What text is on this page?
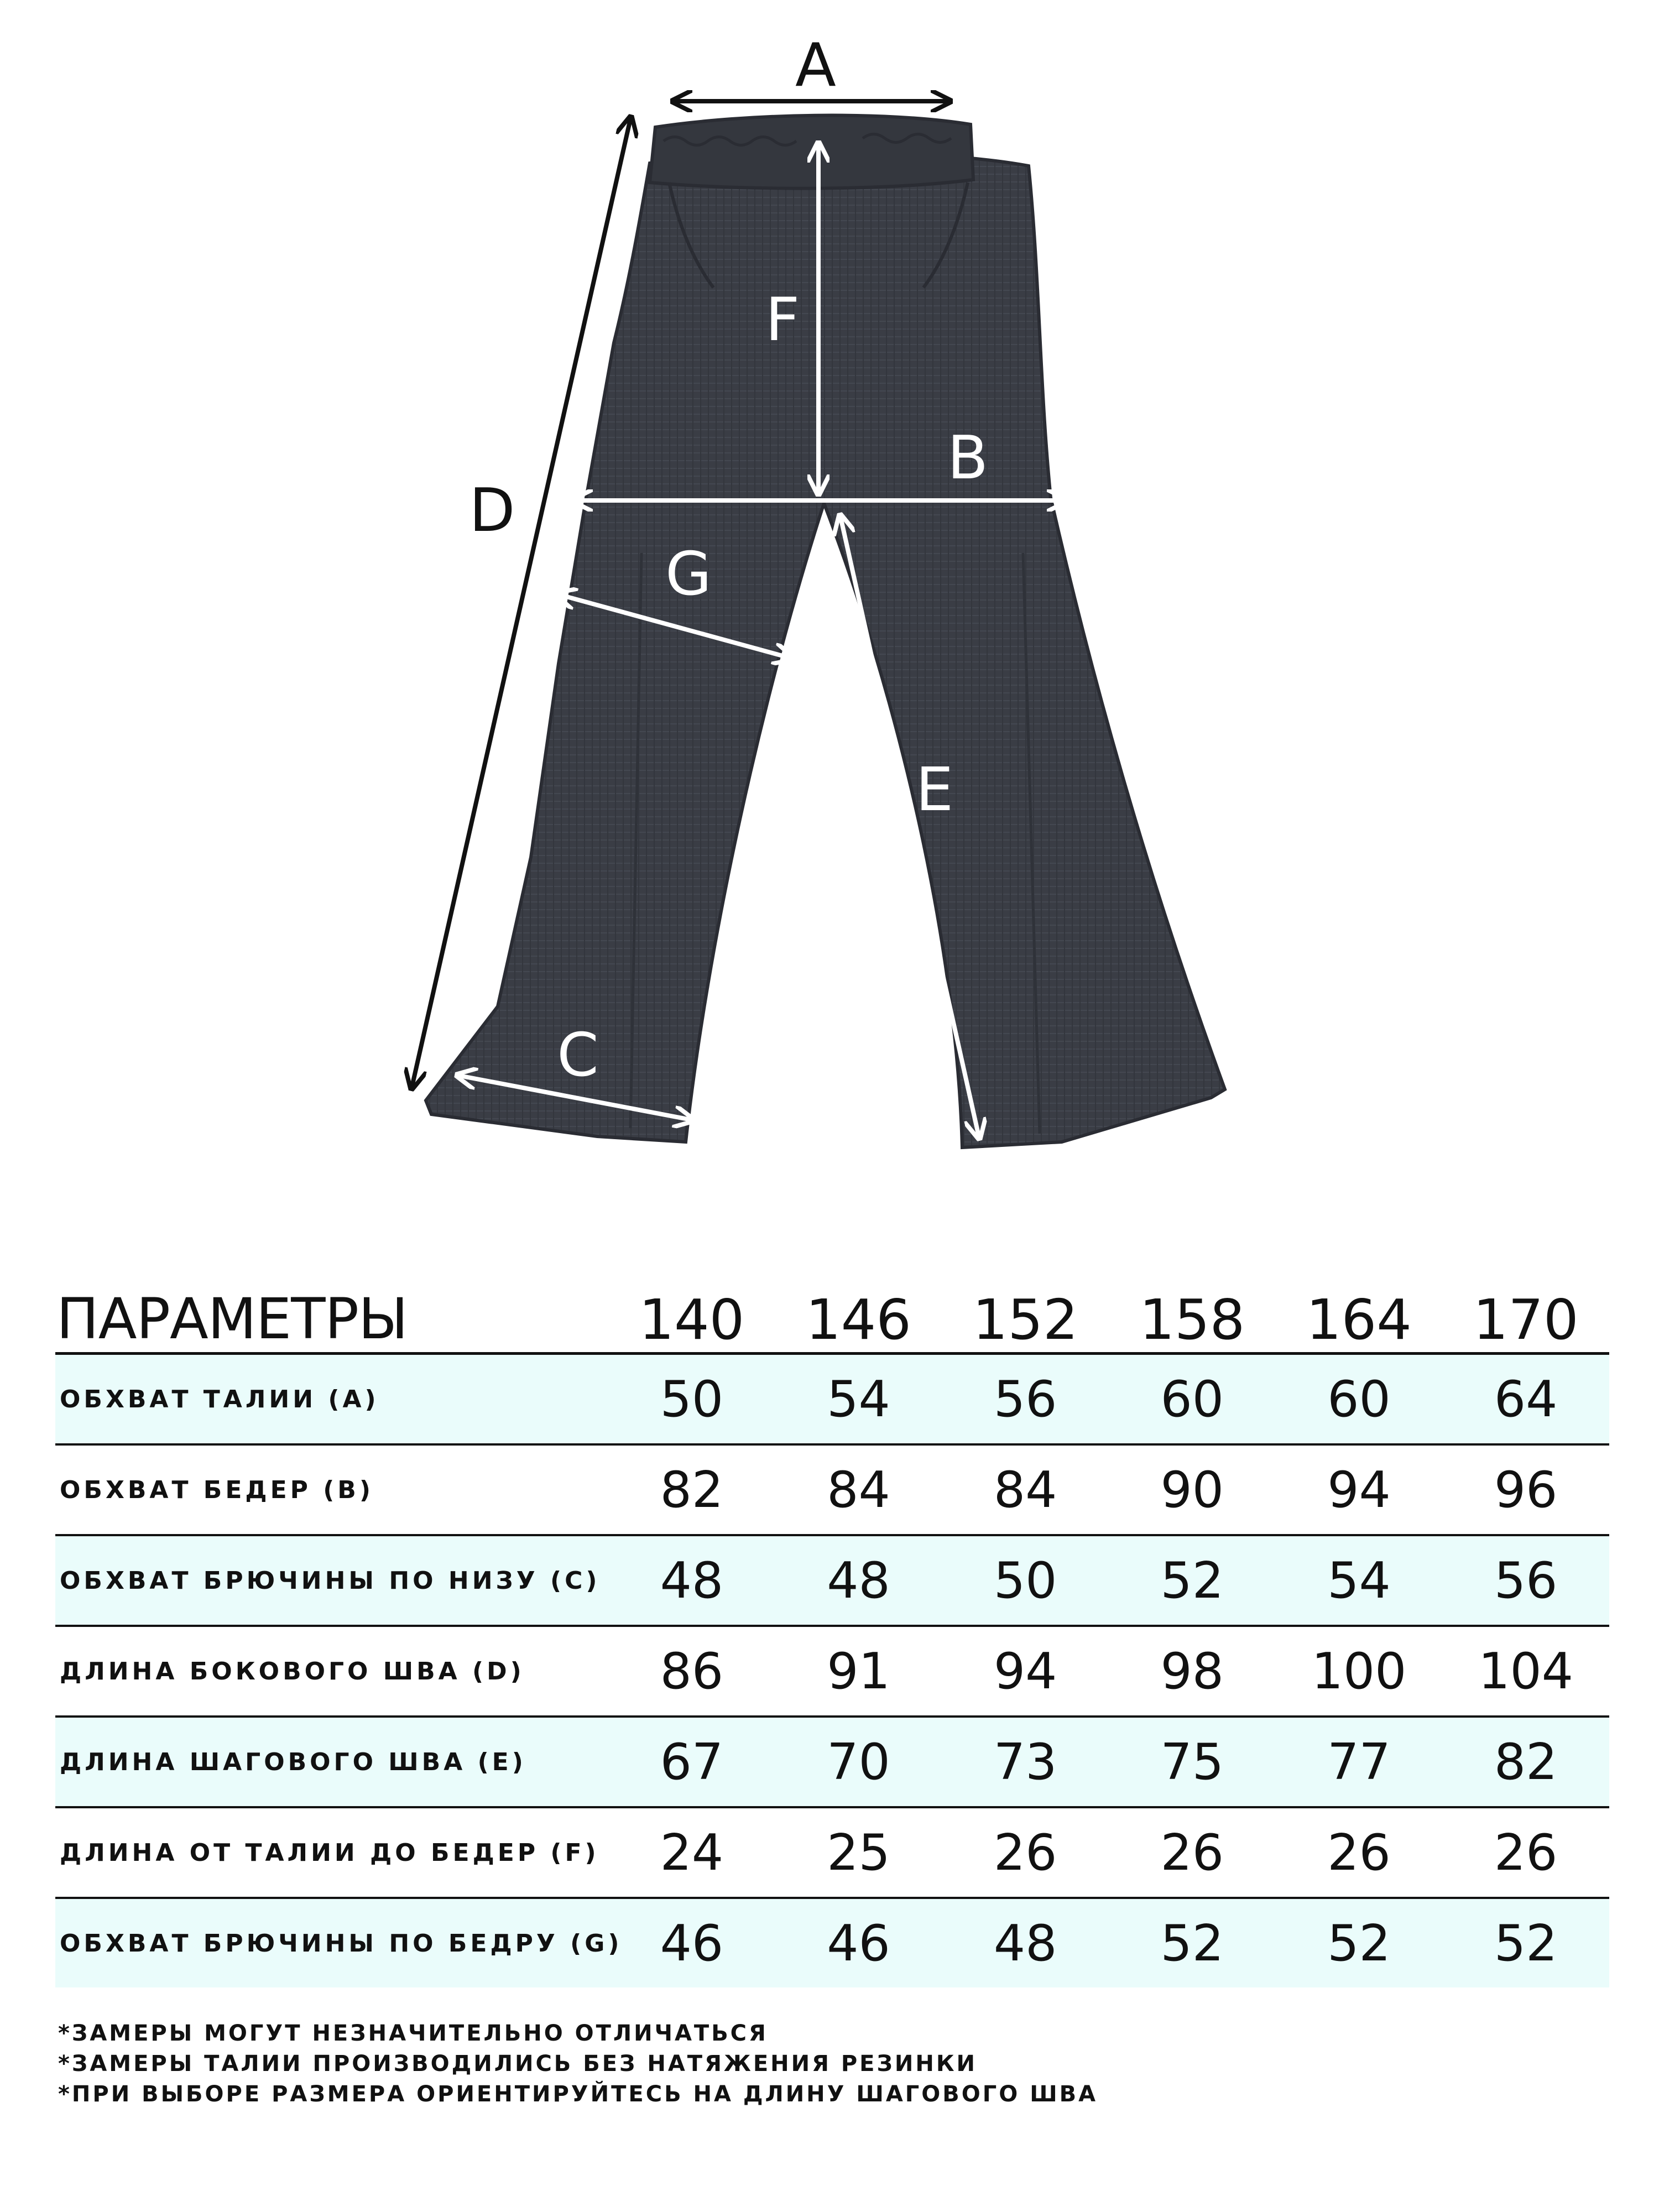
A
F
B
D
G
E
C
ПАРАМЕТРЫ	140	146	152	158	164	170
ОБХВАТ ТАЛИИ (A)	50	54	56	60	60	64
ОБХВАТ БЕДЕР (B)	82	84	84	90	94	96
ОБХВАТ БРЮЧИНЫ ПО НИЗУ (C)	48	48	50	52	54	56
ДЛИНА БОКОВОГО ШВА (D)	86	91	94	98	100	104
ДЛИНА ШАГОВОГО ШВА (E)	67	70	73	75	77	82
ДЛИНА ОТ ТАЛИИ ДО БЕДЕР (F)	24	25	26	26	26	26
ОБХВАТ БРЮЧИНЫ ПО БЕДРУ (G) 46	46	48	52	52	52
*ЗАМЕРЫ МОГУТ НЕЗНАЧИТЕЛЬНО ОТЛИЧАТЬСЯ
*ЗАМЕРЫ ТАЛИИ ПРОИЗВОДИЛИСЬ БЕЗ НАТЯЖЕНИЯ РЕЗИНКИ
*ПРИ ВЫБОРЕ РАЗМЕРА ОРИЕНТИРУЙТЕСЬ НА ДЛИНУ ШАГОВОГО ШВА
